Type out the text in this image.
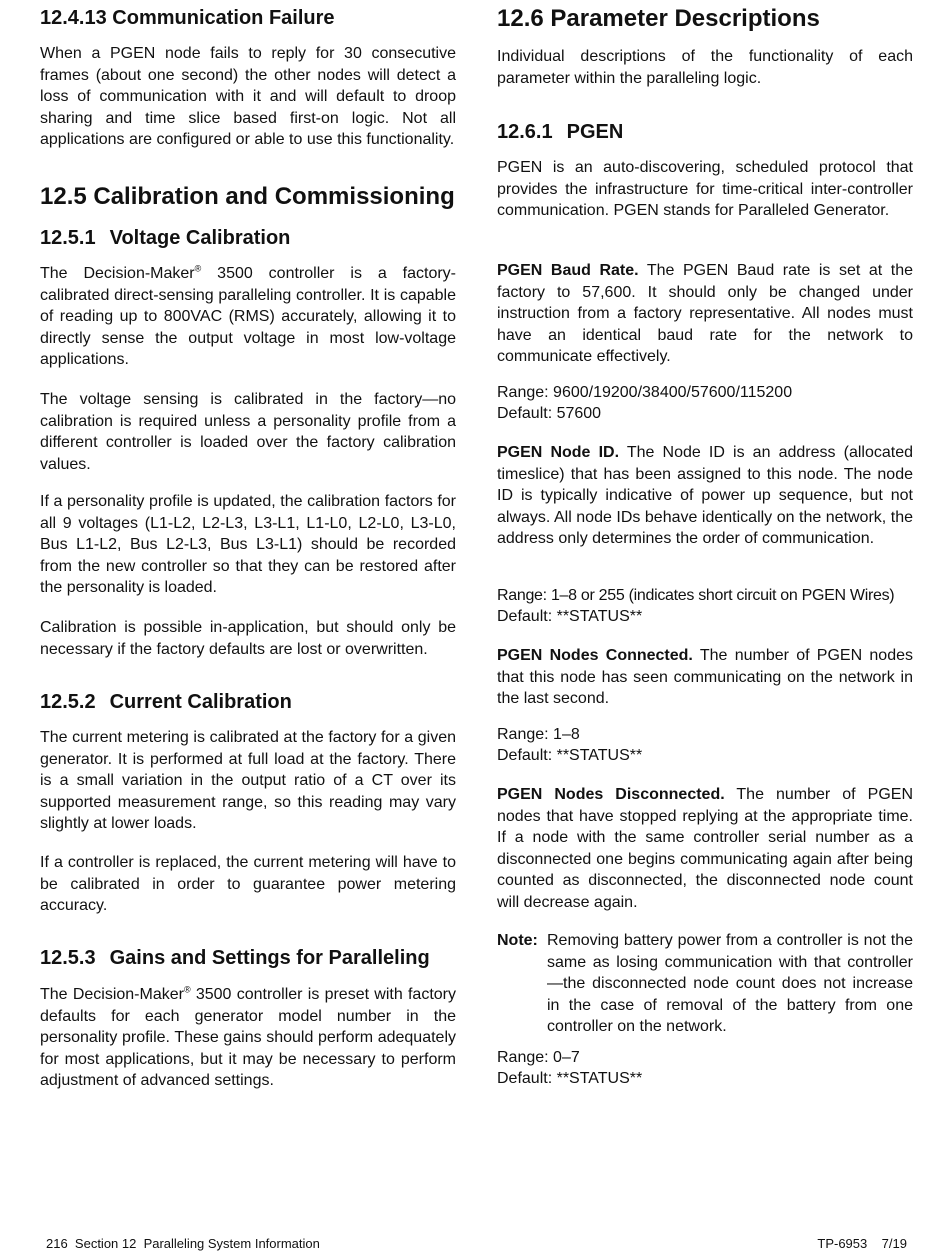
12.4.13 Communication Failure

When a PGEN node fails to reply for 30 consecutive frames (about one second) the other nodes will detect a loss of communication with it and will default to droop sharing and time slice based first-on logic. Not all applications are configured or able to use this functionality.

12.5 Calibration and Commissioning
12.5.1 Voltage Calibration

The Decision-Maker® 3500 controller is a factory-calibrated direct-sensing paralleling controller. It is capable of reading up to 800VAC (RMS) accurately, allowing it to directly sense the output voltage in most low-voltage applications.

The voltage sensing is calibrated in the factory—no calibration is required unless a personality profile from a different controller is loaded over the factory calibration values.

If a personality profile is updated, the calibration factors for all 9 voltages (L1-L2, L2-L3, L3-L1, L1-L0, L2-L0, L3-L0, Bus L1-L2, Bus L2-L3, Bus L3-L1) should be recorded from the new controller so that they can be restored after the personality is loaded.

Calibration is possible in-application, but should only be necessary if the factory defaults are lost or overwritten.

12.5.2 Current Calibration

The current metering is calibrated at the factory for a given generator. It is performed at full load at the factory. There is a small variation in the output ratio of a CT over its supported measurement range, so this reading may vary slightly at lower loads.

If a controller is replaced, the current metering will have to be calibrated in order to guarantee power metering accuracy.

12.5.3 Gains and Settings for Paralleling

The Decision-Maker® 3500 controller is preset with factory defaults for each generator model number in the personality profile. These gains should perform adequately for most applications, but it may be necessary to perform adjustment of advanced settings.

12.6 Parameter Descriptions

Individual descriptions of the functionality of each parameter within the paralleling logic.

12.6.1 PGEN

PGEN is an auto-discovering, scheduled protocol that provides the infrastructure for time-critical inter-controller communication. PGEN stands for Paralleled Generator.

PGEN Baud Rate. The PGEN Baud rate is set at the factory to 57,600. It should only be changed under instruction from a factory representative. All nodes must have an identical baud rate for the network to communicate effectively.

Range: 9600/19200/38400/57600/115200
Default: 57600

PGEN Node ID. The Node ID is an address (allocated timeslice) that has been assigned to this node. The node ID is typically indicative of power up sequence, but not always. All node IDs behave identically on the network, the address only determines the order of communication.

Range: 1–8 or 255 (indicates short circuit on PGEN Wires)
Default: **STATUS**

PGEN Nodes Connected. The number of PGEN nodes that this node has seen communicating on the network in the last second.

Range: 1–8
Default: **STATUS**

PGEN Nodes Disconnected. The number of PGEN nodes that have stopped replying at the appropriate time. If a node with the same controller serial number as a disconnected one begins communicating again after being counted as disconnected, the disconnected node count will decrease again.

Note: Removing battery power from a controller is not the same as losing communication with that controller—the disconnected node count does not increase in the case of removal of the battery from one controller on the network.
Range: 0–7
Default: **STATUS**
216  Section 12  Paralleling System Information	TP-6953    7/19
